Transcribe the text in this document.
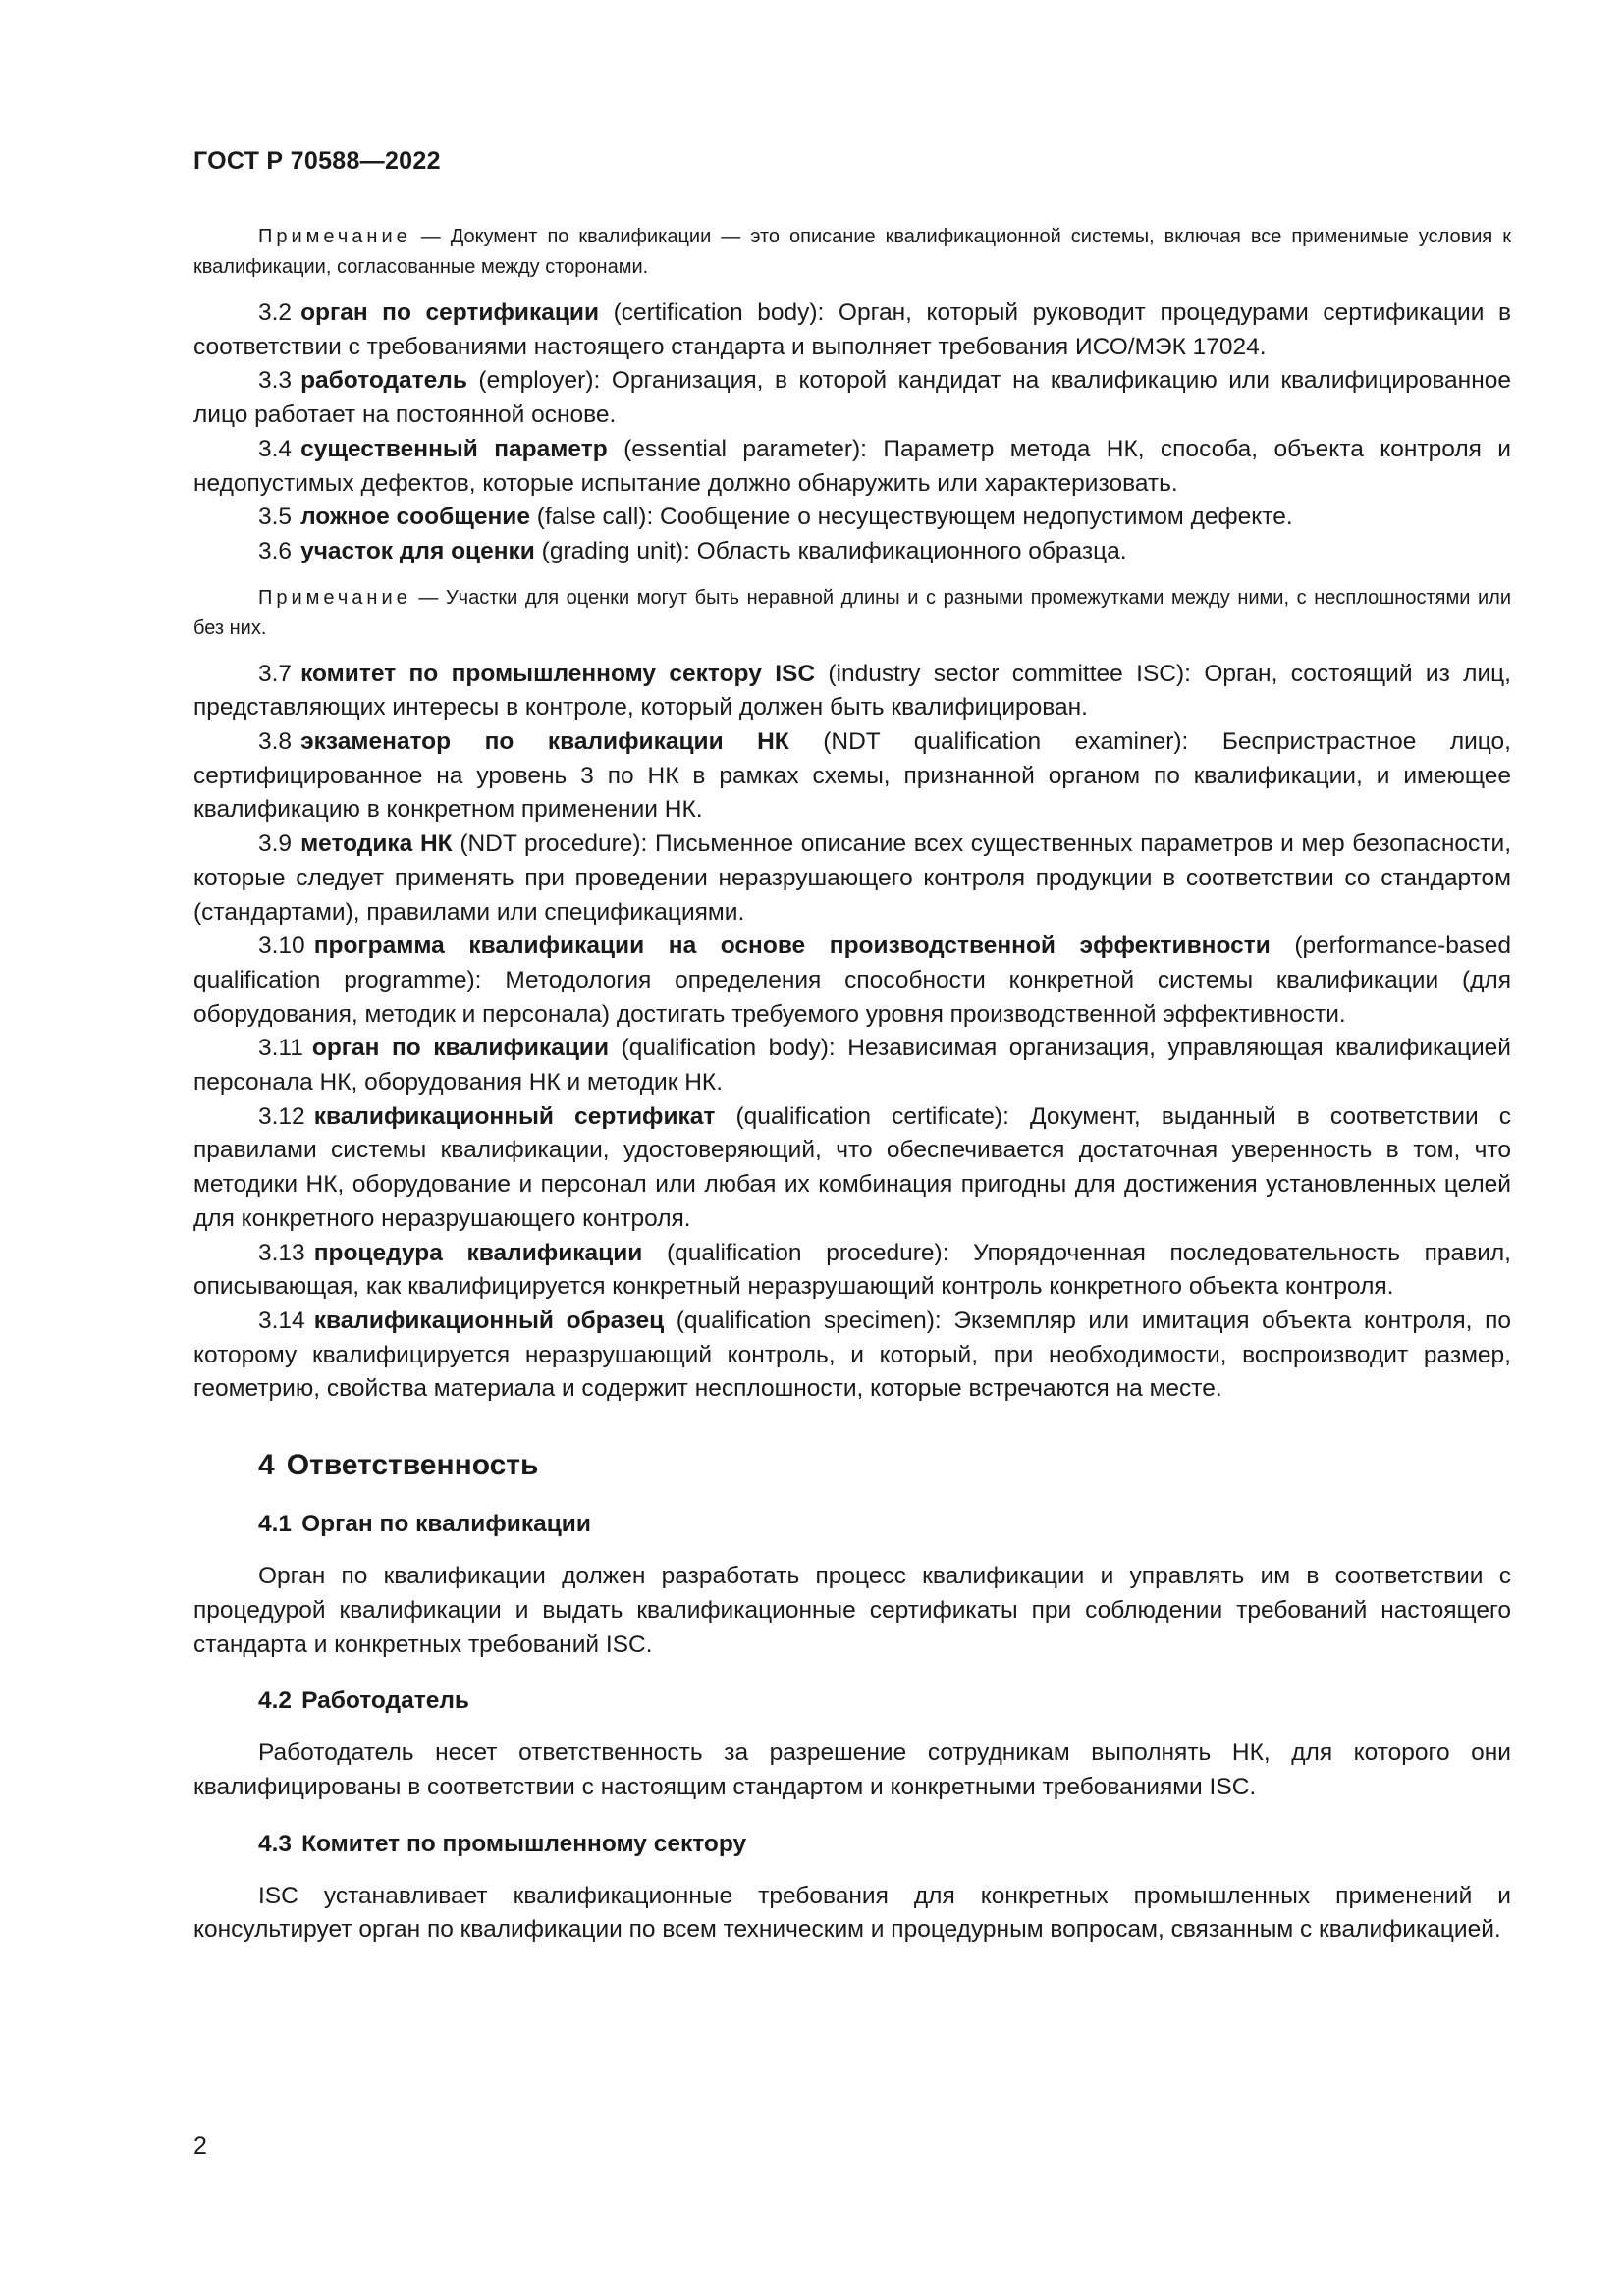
ГОСТ Р 70588—2022

Примечание — Документ по квалификации — это описание квалификационной системы, включая все применимые условия к квалификации, согласованные между сторонами.

3.2 орган по сертификации (certification body): Орган, который руководит процедурами сертификации в соответствии с требованиями настоящего стандарта и выполняет требования ИСО/МЭК 17024.

3.3 работодатель (employer): Организация, в которой кандидат на квалификацию или квалифицированное лицо работает на постоянной основе.

3.4 существенный параметр (essential parameter): Параметр метода НК, способа, объекта контроля и недопустимых дефектов, которые испытание должно обнаружить или характеризовать.

3.5 ложное сообщение (false call): Сообщение о несуществующем недопустимом дефекте.

3.6 участок для оценки (grading unit): Область квалификационного образца.

Примечание — Участки для оценки могут быть неравной длины и с разными промежутками между ними, с несплошностями или без них.

3.7 комитет по промышленному сектору ISC (industry sector committee ISC): Орган, состоящий из лиц, представляющих интересы в контроле, который должен быть квалифицирован.

3.8 экзаменатор по квалификации НК (NDT qualification examiner): Беспристрастное лицо, сертифицированное на уровень 3 по НК в рамках схемы, признанной органом по квалификации, и имеющее квалификацию в конкретном применении НК.

3.9 методика НК (NDT procedure): Письменное описание всех существенных параметров и мер безопасности, которые следует применять при проведении неразрушающего контроля продукции в соответствии со стандартом (стандартами), правилами или спецификациями.

3.10 программа квалификации на основе производственной эффективности (performance-based qualification programme): Методология определения способности конкретной системы квалификации (для оборудования, методик и персонала) достигать требуемого уровня производственной эффективности.

3.11 орган по квалификации (qualification body): Независимая организация, управляющая квалификацией персонала НК, оборудования НК и методик НК.

3.12 квалификационный сертификат (qualification certificate): Документ, выданный в соответствии с правилами системы квалификации, удостоверяющий, что обеспечивается достаточная уверенность в том, что методики НК, оборудование и персонал или любая их комбинация пригодны для достижения установленных целей для конкретного неразрушающего контроля.

3.13 процедура квалификации (qualification procedure): Упорядоченная последовательность правил, описывающая, как квалифицируется конкретный неразрушающий контроль конкретного объекта контроля.

3.14 квалификационный образец (qualification specimen): Экземпляр или имитация объекта контроля, по которому квалифицируется неразрушающий контроль, и который, при необходимости, воспроизводит размер, геометрию, свойства материала и содержит несплошности, которые встречаются на месте.

4 Ответственность
4.1 Орган по квалификации

Орган по квалификации должен разработать процесс квалификации и управлять им в соответствии с процедурой квалификации и выдать квалификационные сертификаты при соблюдении требований настоящего стандарта и конкретных требований ISC.

4.2 Работодатель

Работодатель несет ответственность за разрешение сотрудникам выполнять НК, для которого они квалифицированы в соответствии с настоящим стандартом и конкретными требованиями ISC.

4.3 Комитет по промышленному сектору

ISC устанавливает квалификационные требования для конкретных промышленных применений и консультирует орган по квалификации по всем техническим и процедурным вопросам, связанным с квалификацией.

2
